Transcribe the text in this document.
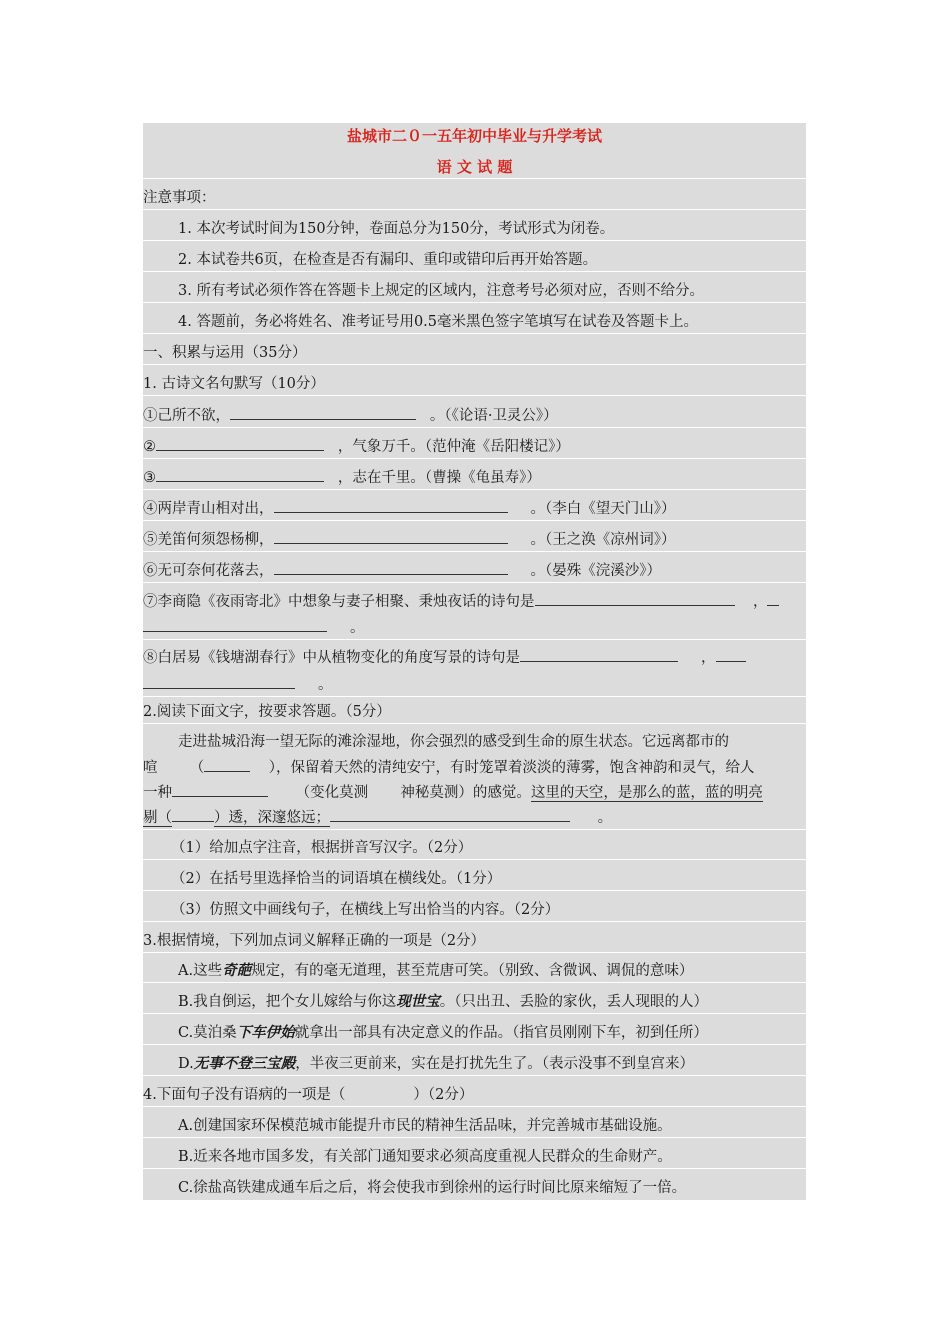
盐城市二０一五年初中毕业与升学考试
语 文 试 题
注意事项：
1. 本次考试时间为150分钟，卷面总分为150分，考试形式为闭卷。
2. 本试卷共6页，在检查是否有漏印、重印或错印后再开始答题。
3. 所有考试必须作答在答题卡上规定的区域内，注意考号必须对应，否则不给分。
4. 答题前，务必将姓名、准考证号用0.5毫米黑色签字笔填写在试卷及答题卡上。
一、积累与运用（35分）
1. 古诗文名句默写（10分）
①己所不欲，	。（《论语·卫灵公》）
②	，气象万千。（范仲淹《岳阳楼记》）
③	，志在千里。（曹操《龟虽寿》）
④两岸青山相对出，	。（李白《望天门山》）
⑤羌笛何须怨杨柳，	。（王之涣《凉州词》）
⑥无可奈何花落去，	。（晏殊《浣溪沙》）
⑦李商隐《夜雨寄北》中想象与妻子相聚、秉烛夜话的诗句是	，
。
⑧白居易《钱塘湖春行》中从植物变化的角度写景的诗句是	，
。
2.阅读下面文字，按要求答题。（5分）
走进盐城沿海一望无际的滩涂湿地，你会强烈的感受到生命的原生状态。它远离都市的
喧 （	），保留着天然的清纯安宁，有时笼罩着淡淡的薄雾，饱含神韵和灵气，给人
一种	（变化莫测 神秘莫测）的感觉。这里的天空，是那么的蓝，蓝的明亮
剔（	）透，深邃悠远；	。
（1）给加点字注音，根据拼音写汉字。（2分）
（2）在括号里选择恰当的词语填在横线处。（1分）
（3）仿照文中画线句子，在横线上写出恰当的内容。（2分）
3.根据情境，下列加点词义解释正确的一项是（2分）
A.这些奇葩规定，有的毫无道理，甚至荒唐可笑。（别致、含微讽、调侃的意味）
B.我自倒运，把个女儿嫁给与你这现世宝。（只出丑、丢脸的家伙，丢人现眼的人）
C.莫泊桑下车伊始就拿出一部具有决定意义的作品。（指官员刚刚下车，初到任所）
D.无事不登三宝殿，半夜三更前来，实在是打扰先生了。（表示没事不到皇宫来）
4.下面句子没有语病的一项是（	）（2分）
A.创建国家环保模范城市能提升市民的精神生活品味，并完善城市基础设施。
B.近来各地市国多发，有关部门通知要求必须高度重视人民群众的生命财产。
C.徐盐高铁建成通车后之后，将会使我市到徐州的运行时间比原来缩短了一倍。
